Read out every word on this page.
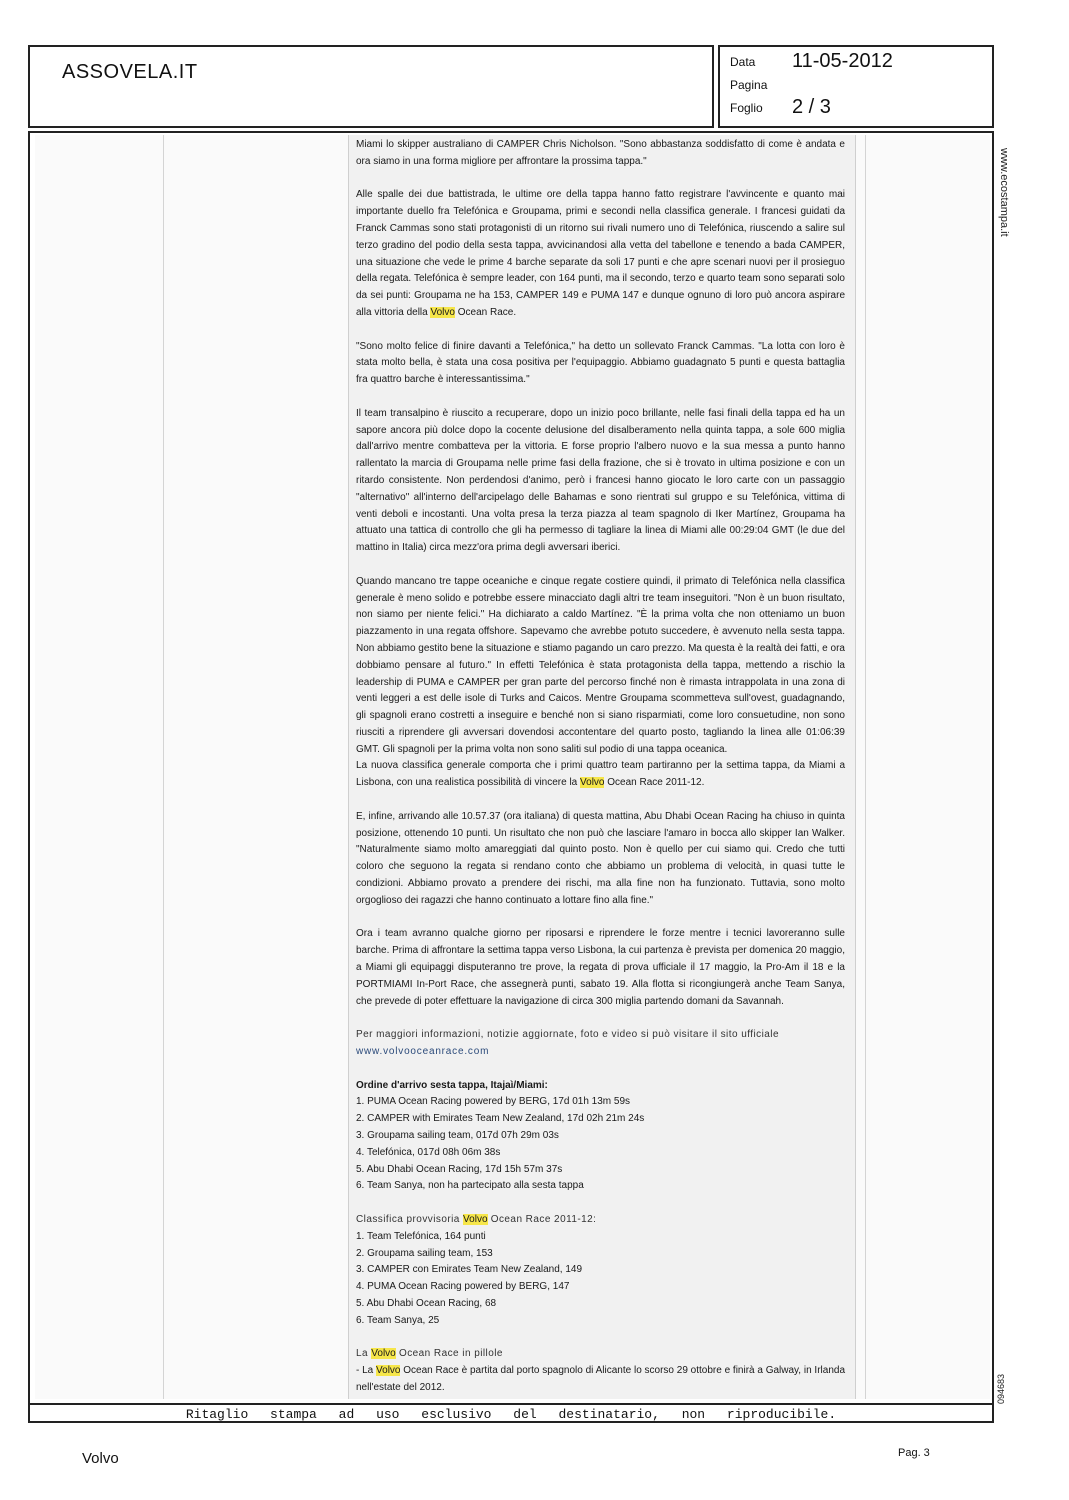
ASSOVELA.IT	Data 11-05-2012
Pagina
Foglio 2 / 3

Miami lo skipper australiano di CAMPER Chris Nicholson. "Sono abbastanza soddisfatto di come è andata e ora siamo in una forma migliore per affrontare la prossima tappa."

Alle spalle dei due battistrada, le ultime ore della tappa hanno fatto registrare l'avvincente e quanto mai importante duello fra Telefónica e Groupama, primi e secondi nella classifica generale. I francesi guidati da Franck Cammas sono stati protagonisti di un ritorno sui rivali numero uno di Telefónica, riuscendo a salire sul terzo gradino del podio della sesta tappa, avvicinandosi alla vetta del tabellone e tenendo a bada CAMPER, una situazione che vede le prime 4 barche separate da soli 17 punti e che apre scenari nuovi per il prosieguo della regata. Telefónica è sempre leader, con 164 punti, ma il secondo, terzo e quarto team sono separati solo da sei punti: Groupama ne ha 153, CAMPER 149 e PUMA 147 e dunque ognuno di loro può ancora aspirare alla vittoria della Volvo Ocean Race.

"Sono molto felice di finire davanti a Telefónica," ha detto un sollevato Franck Cammas. "La lotta con loro è stata molto bella, è stata una cosa positiva per l'equipaggio. Abbiamo guadagnato 5 punti e questa battaglia fra quattro barche è interessantissima."

Il team transalpino è riuscito a recuperare, dopo un inizio poco brillante, nelle fasi finali della tappa ed ha un sapore ancora più dolce dopo la cocente delusione del disalberamento nella quinta tappa, a sole 600 miglia dall'arrivo mentre combatteva per la vittoria. E forse proprio l'albero nuovo e la sua messa a punto hanno rallentato la marcia di Groupama nelle prime fasi della frazione, che si è trovato in ultima posizione e con un ritardo consistente. Non perdendosi d'animo, però i francesi hanno giocato le loro carte con un passaggio "alternativo" all'interno dell'arcipelago delle Bahamas e sono rientrati sul gruppo e su Telefónica, vittima di venti deboli e incostanti. Una volta presa la terza piazza al team spagnolo di Iker Martínez, Groupama ha attuato una tattica di controllo che gli ha permesso di tagliare la linea di Miami alle 00:29:04 GMT (le due del mattino in Italia) circa mezz'ora prima degli avversari iberici.

Quando mancano tre tappe oceaniche e cinque regate costiere quindi, il primato di Telefónica nella classifica generale è meno solido e potrebbe essere minacciato dagli altri tre team inseguitori. "Non è un buon risultato, non siamo per niente felici." Ha dichiarato a caldo Martínez. "È la prima volta che non otteniamo un buon piazzamento in una regata offshore. Sapevamo che avrebbe potuto succedere, è avvenuto nella sesta tappa. Non abbiamo gestito bene la situazione e stiamo pagando un caro prezzo. Ma questa è la realtà dei fatti, e ora dobbiamo pensare al futuro." In effetti Telefónica è stata protagonista della tappa, mettendo a rischio la leadership di PUMA e CAMPER per gran parte del percorso finché non è rimasta intrappolata in una zona di venti leggeri a est delle isole di Turks and Caicos. Mentre Groupama scommetteva sull'ovest, guadagnando, gli spagnoli erano costretti a inseguire e benché non si siano risparmiati, come loro consuetudine, non sono riusciti a riprendere gli avversari dovendosi accontentare del quarto posto, tagliando la linea alle 01:06:39 GMT. Gli spagnoli per la prima volta non sono saliti sul podio di una tappa oceanica.

La nuova classifica generale comporta che i primi quattro team partiranno per la settima tappa, da Miami a Lisbona, con una realistica possibilità di vincere la Volvo Ocean Race 2011-12.

E, infine, arrivando alle 10.57.37 (ora italiana) di questa mattina, Abu Dhabi Ocean Racing ha chiuso in quinta posizione, ottenendo 10 punti. Un risultato che non può che lasciare l'amaro in bocca allo skipper Ian Walker. "Naturalmente siamo molto amareggiati dal quinto posto. Non è quello per cui siamo qui. Credo che tutti coloro che seguono la regata si rendano conto che abbiamo un problema di velocità, in quasi tutte le condizioni. Abbiamo provato a prendere dei rischi, ma alla fine non ha funzionato. Tuttavia, sono molto orgoglioso dei ragazzi che hanno continuato a lottare fino alla fine."

Ora i team avranno qualche giorno per riposarsi e riprendere le forze mentre i tecnici lavoreranno sulle barche. Prima di affrontare la settima tappa verso Lisbona, la cui partenza è prevista per domenica 20 maggio, a Miami gli equipaggi disputeranno tre prove, la regata di prova ufficiale il 17 maggio, la Pro-Am il 18 e la PORTMIAMI In-Port Race, che assegnerà punti, sabato 19. Alla flotta si ricongiungerà anche Team Sanya, che prevede di poter effettuare la navigazione di circa 300 miglia partendo domani da Savannah.

Per maggiori informazioni, notizie aggiornate, foto e video si può visitare il sito ufficiale
www.volvooceanrace.com

Ordine d'arrivo sesta tappa, Itajaì/Miami:
1. PUMA Ocean Racing powered by BERG, 17d 01h 13m 59s
2. CAMPER with Emirates Team New Zealand, 17d 02h 21m 24s
3. Groupama sailing team, 017d 07h 29m 03s
4. Telefónica, 017d 08h 06m 38s
5. Abu Dhabi Ocean Racing, 17d 15h 57m 37s
6. Team Sanya, non ha partecipato alla sesta tappa
Classifica provvisoria Volvo Ocean Race 2011-12:
1. Team Telefónica, 164 punti
2. Groupama sailing team, 153
3. CAMPER con Emirates Team New Zealand, 149
4. PUMA Ocean Racing powered by BERG, 147
5. Abu Dhabi Ocean Racing, 68
6. Team Sanya, 25
La Volvo Ocean Race in pillole
- La Volvo Ocean Race è partita dal porto spagnolo di Alicante lo scorso 29 ottobre e finirà a Galway, in Irlanda nell'estate del 2012.
Ritaglio stampa ad uso esclusivo del destinatario, non riproducibile.
www.ecostampa.it
094683
Volvo	Pag. 3
